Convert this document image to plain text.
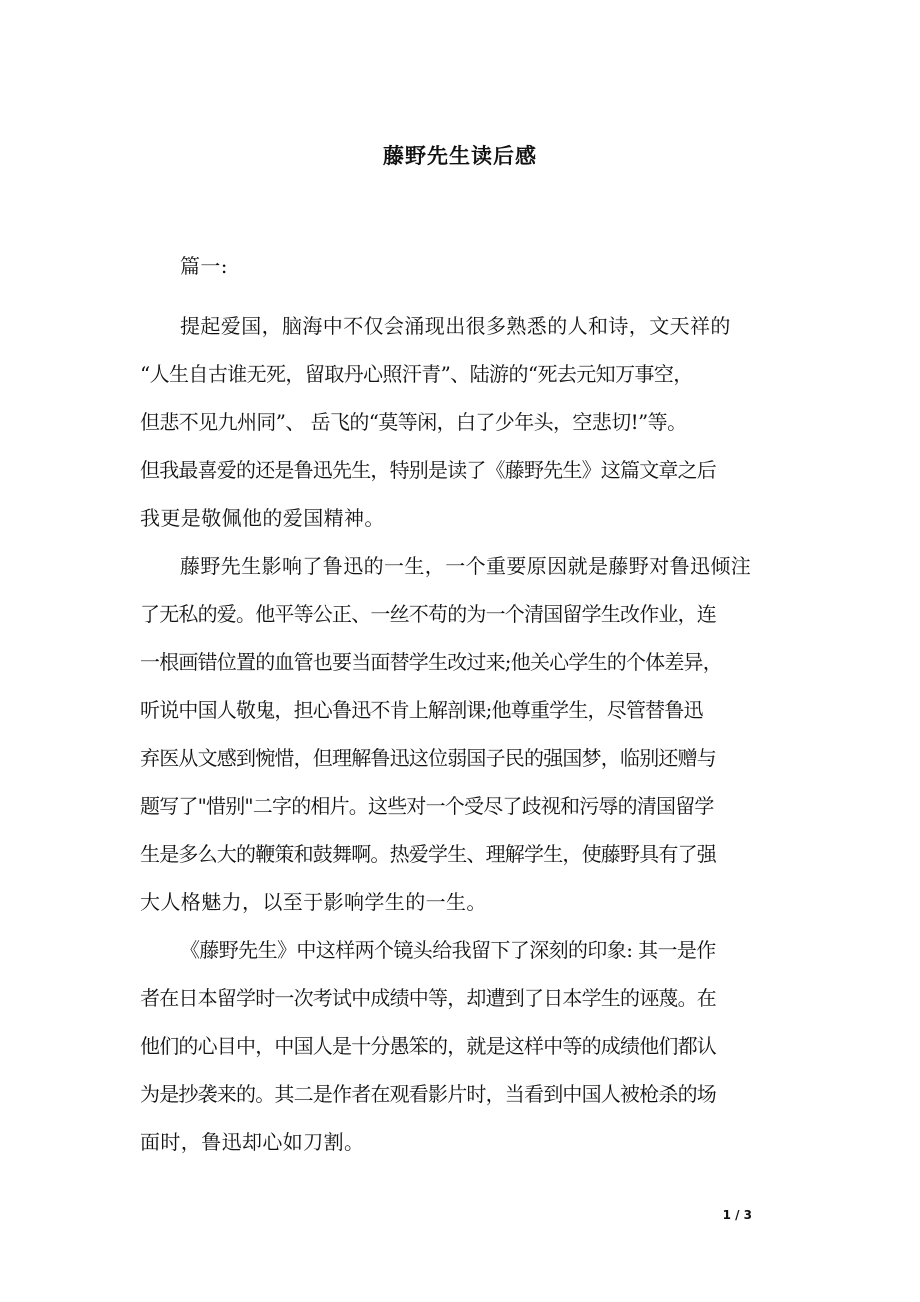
藤野先生读后感
篇一:
提起爱国，脑海中不仅会涌现出很多熟悉的人和诗，文天祥的
“人生自古谁无死，留取丹心照汗青”、陆游的“死去元知万事空，
但悲不见九州同”、 岳飞的“莫等闲，白了少年头，空悲切!”等。
但我最喜爱的还是鲁迅先生，特别是读了《藤野先生》这篇文章之后
我更是敬佩他的爱国精神。
藤野先生影响了鲁迅的一生，一个重要原因就是藤野对鲁迅倾注
了无私的爱。他平等公正、一丝不苟的为一个清国留学生改作业，连
一根画错位置的血管也要当面替学生改过来;他关心学生的个体差异，
听说中国人敬鬼，担心鲁迅不肯上解剖课;他尊重学生，尽管替鲁迅
弃医从文感到惋惜，但理解鲁迅这位弱国子民的强国梦，临别还赠与
题写了"惜别"二字的相片。这些对一个受尽了歧视和污辱的清国留学
生是多么大的鞭策和鼓舞啊。热爱学生、理解学生，使藤野具有了强
大人格魅力，以至于影响学生的一生。
《藤野先生》中这样两个镜头给我留下了深刻的印象: 其一是作
者在日本留学时一次考试中成绩中等，却遭到了日本学生的诬蔑。在
他们的心目中，中国人是十分愚笨的，就是这样中等的成绩他们都认
为是抄袭来的。其二是作者在观看影片时，当看到中国人被枪杀的场
面时，鲁迅却心如刀割。
1 / 3
